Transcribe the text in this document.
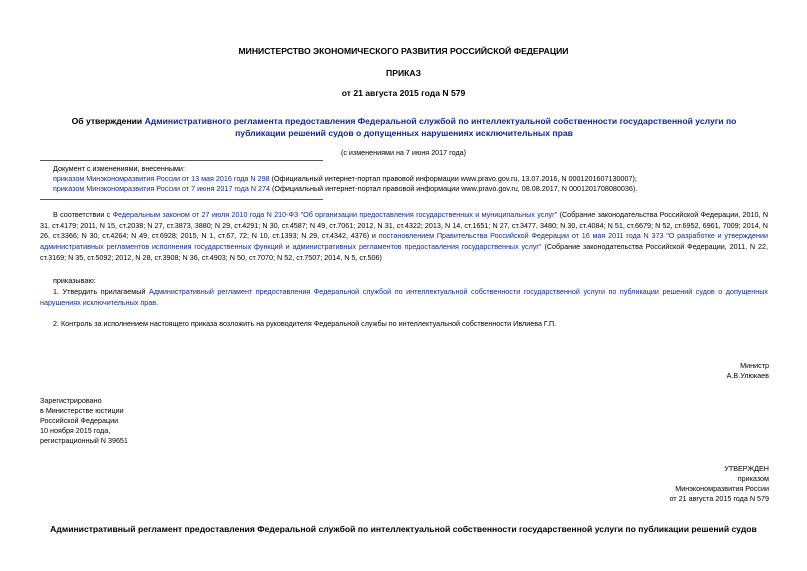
МИНИСТЕРСТВО ЭКОНОМИЧЕСКОГО РАЗВИТИЯ РОССИЙСКОЙ ФЕДЕРАЦИИ
ПРИКАЗ
от 21 августа 2015 года N 579
Об утверждении Административного регламента предоставления Федеральной службой по интеллектуальной собственности государственной услуги по публикации решений судов о допущенных нарушениях исключительных прав
(с изменениями на 7 июня 2017 года)
Документ с изменениями, внесенными:
приказом Минэкономразвития России от 13 мая 2016 года N 298 (Официальный интернет-портал правовой информации www.pravo.gov.ru, 13.07.2016, N 0001201607130007);
приказом Минэкономразвития России от 7 июня 2017 года N 274 (Официальный интернет-портал правовой информации www.pravo.gov.ru, 08.08.2017, N 0001201708080036).
В соответствии с Федеральным законом от 27 июля 2010 года N 210-ФЗ "Об организации предоставления государственных и муниципальных услуг" (Собрание законодательства Российской Федерации, 2010, N 31, ст.4179; 2011, N 15, ст.2038; N 27, ст.3873, 3880; N 29, ст.4291; N 30, ст.4587; N 49, ст.7061; 2012, N 31, ст.4322; 2013, N 14, ст.1651; N 27, ст.3477, 3480; N 30, ст.4084; N 51, ст.6679; N 52, ст.6952, 6961, 7009; 2014, N 26, ст.3366; N 30, ст.4264; N 49, ст.6928; 2015, N 1, ст.67, 72; N 10, ст.1393; N 29, ст.4342, 4376) и постановлением Правительства Российской Федерации от 16 мая 2011 года N 373 "О разработке и утверждении административных регламентов исполнения государственных функций и административных регламентов предоставления государственных услуг" (Собрание законодательства Российской Федерации, 2011, N 22, ст.3169; N 35, ст.5092; 2012, N 28, ст.3908; N 36, ст.4903; N 50, ст.7070; N 52, ст.7507; 2014, N 5, ст.506)
приказываю:
1. Утвердить прилагаемый Административный регламент предоставления Федеральной службой по интеллектуальной собственности государственной услуги по публикации решений судов о допущенных нарушениях исключительных прав.
2. Контроль за исполнением настоящего приказа возложить на руководителя Федеральной службы по интеллектуальной собственности Ивлиева Г.П.
Министр
А.В.Улюкаев
Зарегистрировано
в Министерстве юстиции
Российской Федерации
10 ноября 2015 года,
регистрационный N 39651
УТВЕРЖДЕН
приказом
Минэкономразвития России
от 21 августа 2015 года N 579
Административный регламент предоставления Федеральной службой по интеллектуальной собственности государственной услуги по публикации решений судов
